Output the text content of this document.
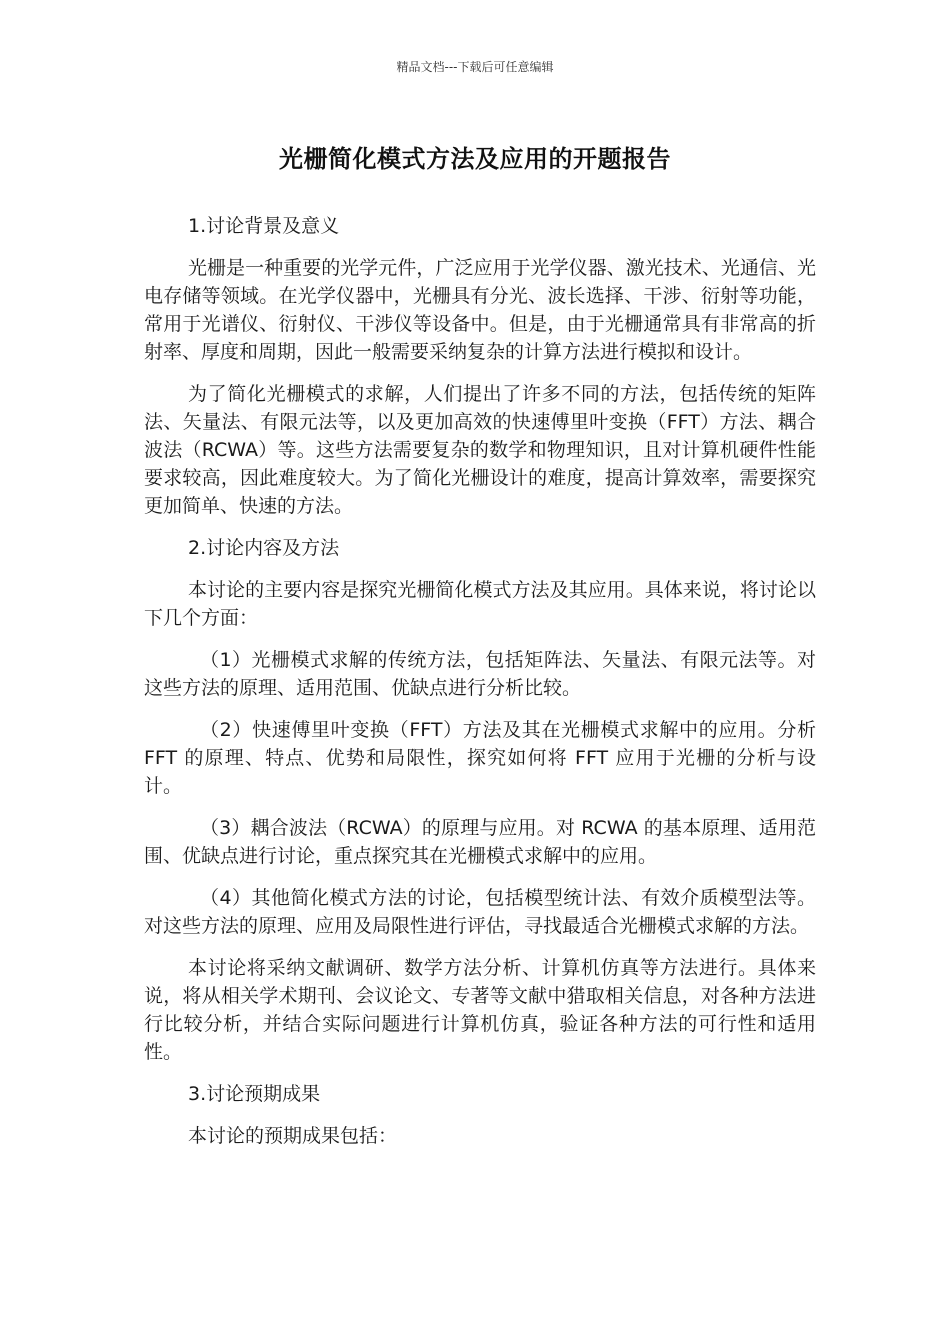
精品文档---下载后可任意编辑
光栅简化模式方法及应用的开题报告

1.讨论背景及意义

光栅是一种重要的光学元件，广泛应用于光学仪器、激光技术、光通信、光电存储等领域。在光学仪器中，光栅具有分光、波长选择、干涉、衍射等功能，常用于光谱仪、衍射仪、干涉仪等设备中。但是，由于光栅通常具有非常高的折射率、厚度和周期，因此一般需要采纳复杂的计算方法进行模拟和设计。

为了简化光栅模式的求解，人们提出了许多不同的方法，包括传统的矩阵法、矢量法、有限元法等，以及更加高效的快速傅里叶变换（FFT）方法、耦合波法（RCWA）等。这些方法需要复杂的数学和物理知识，且对计算机硬件性能要求较高，因此难度较大。为了简化光栅设计的难度，提高计算效率，需要探究更加简单、快速的方法。

2.讨论内容及方法

本讨论的主要内容是探究光栅简化模式方法及其应用。具体来说，将讨论以下几个方面：

（1）光栅模式求解的传统方法，包括矩阵法、矢量法、有限元法等。对这些方法的原理、适用范围、优缺点进行分析比较。

（2）快速傅里叶变换（FFT）方法及其在光栅模式求解中的应用。分析 FFT 的原理、特点、优势和局限性，探究如何将 FFT 应用于光栅的分析与设计。

（3）耦合波法（RCWA）的原理与应用。对 RCWA 的基本原理、适用范围、优缺点进行讨论，重点探究其在光栅模式求解中的应用。

（4）其他简化模式方法的讨论，包括模型统计法、有效介质模型法等。对这些方法的原理、应用及局限性进行评估，寻找最适合光栅模式求解的方法。

本讨论将采纳文献调研、数学方法分析、计算机仿真等方法进行。具体来说，将从相关学术期刊、会议论文、专著等文献中猎取相关信息，对各种方法进行比较分析，并结合实际问题进行计算机仿真，验证各种方法的可行性和适用性。

3.讨论预期成果

本讨论的预期成果包括：
